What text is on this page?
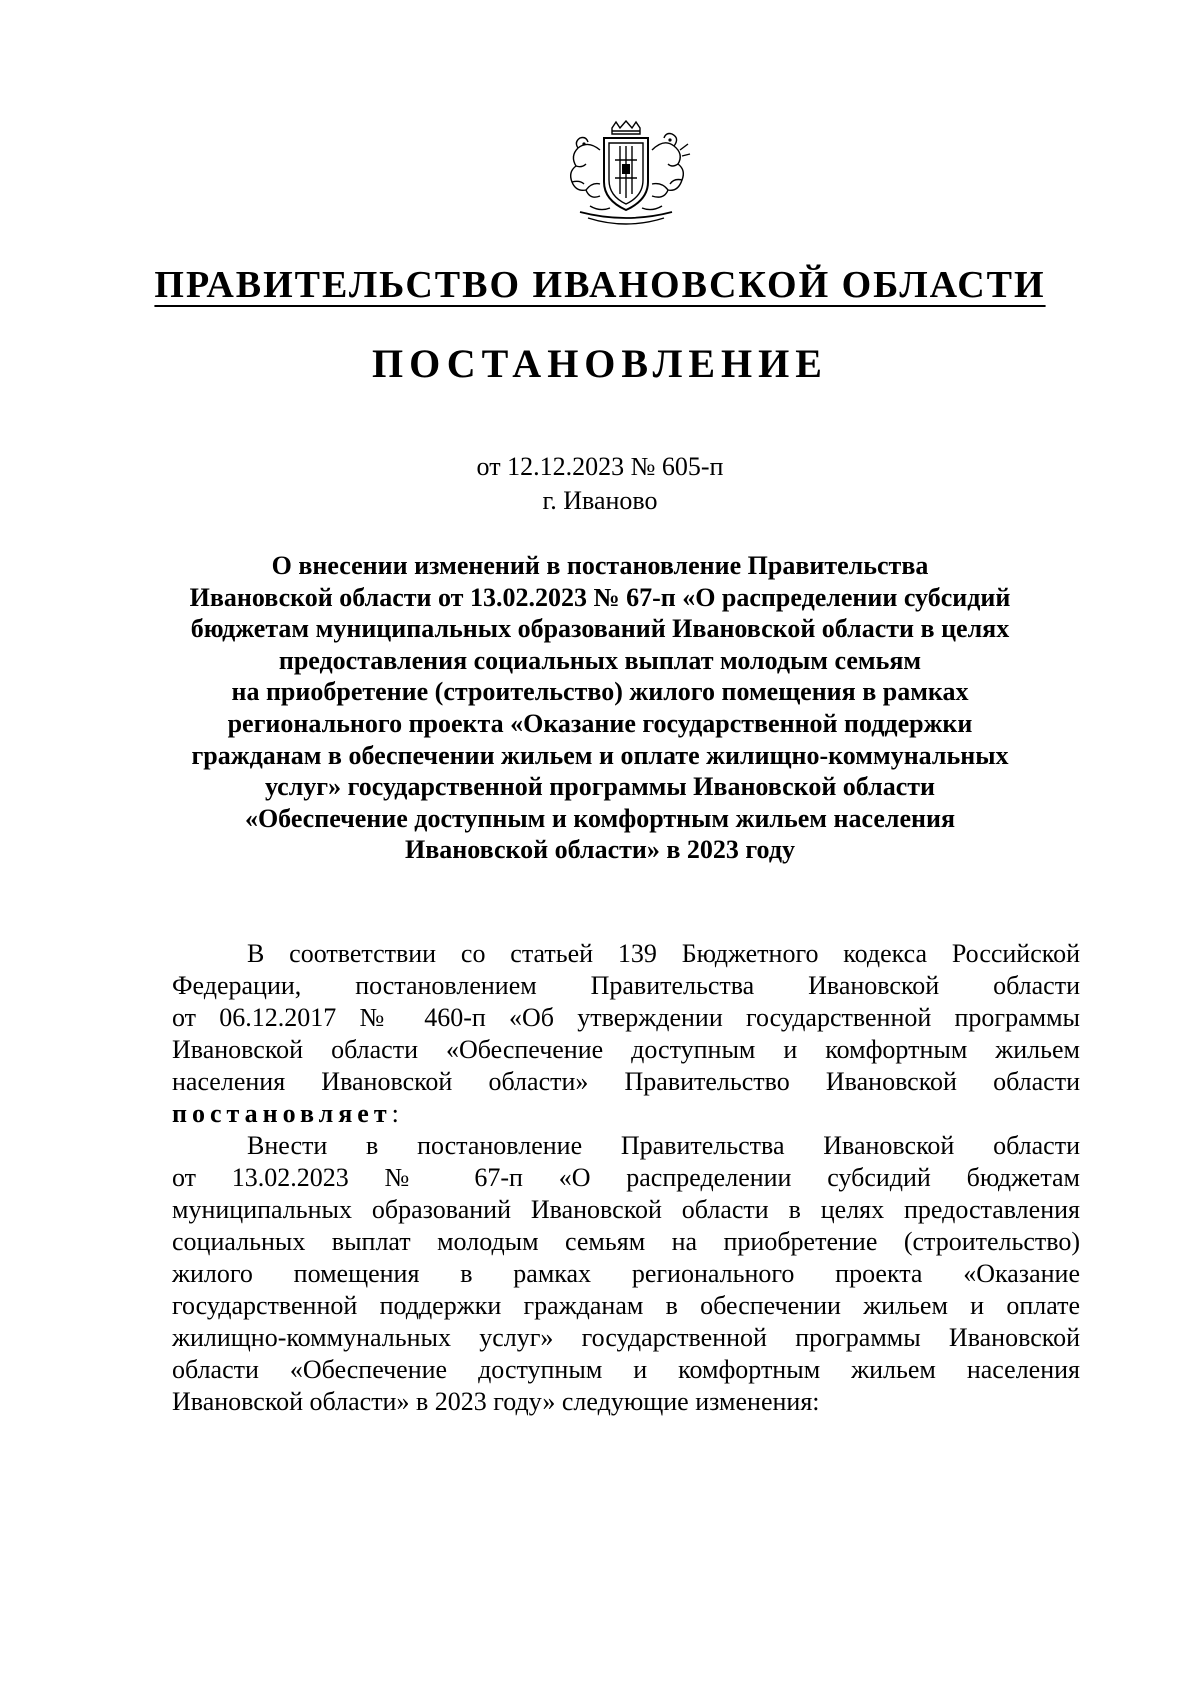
ПРАВИТЕЛЬСТВО ИВАНОВСКОЙ ОБЛАСТИ
ПОСТАНОВЛЕНИЕ
от 12.12.2023 № 605-п
г. Иваново
О внесении изменений в постановление Правительства
Ивановской области от 13.02.2023 № 67-п «О распределении субсидий
бюджетам муниципальных образований Ивановской области в целях
предоставления социальных выплат молодым семьям
на приобретение (строительство) жилого помещения в рамках
регионального проекта «Оказание государственной поддержки
гражданам в обеспечении жильем и оплате жилищно-коммунальных
услуг» государственной программы Ивановской области
«Обеспечение доступным и комфортным жильем населения
Ивановской области» в 2023 году
В соответствии со статьей 139 Бюджетного кодекса Российской
Федерации, постановлением Правительства Ивановской области
от 06.12.2017 № 460-п «Об утверждении государственной программы
Ивановской области «Обеспечение доступным и комфортным жильем
населения Ивановской области» Правительство Ивановской области
постановляет:
Внести в постановление Правительства Ивановской области
от 13.02.2023 № 67-п «О распределении субсидий бюджетам
муниципальных образований Ивановской области в целях предоставления
социальных выплат молодым семьям на приобретение (строительство)
жилого помещения в рамках регионального проекта «Оказание
государственной поддержки гражданам в обеспечении жильем и оплате
жилищно-коммунальных услуг» государственной программы Ивановской
области «Обеспечение доступным и комфортным жильем населения
Ивановской области» в 2023 году» следующие изменения:
